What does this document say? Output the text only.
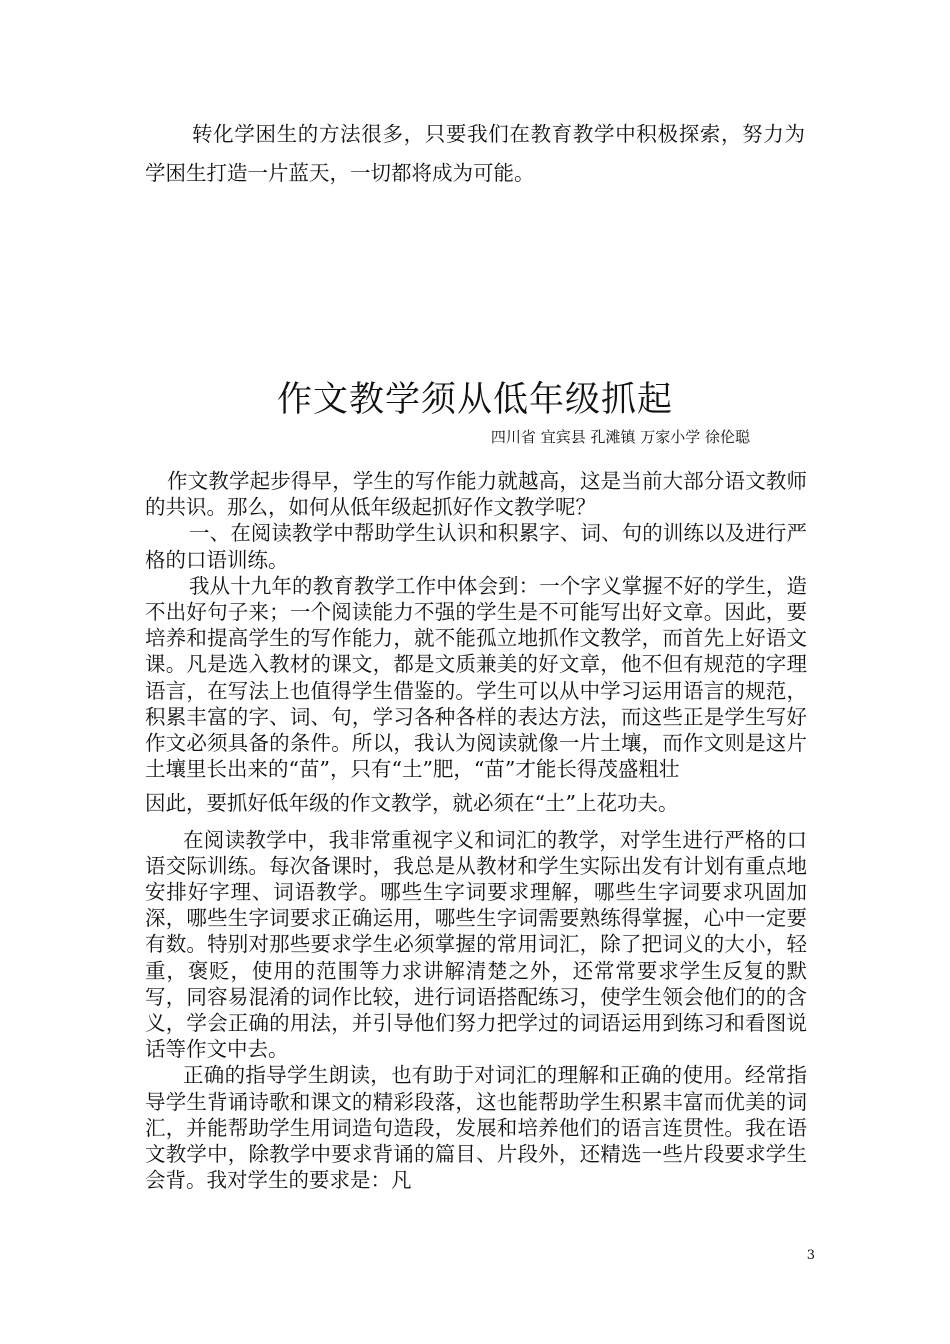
转化学困生的方法很多，只要我们在教育教学中积极探索，努力为学困生打造一片蓝天，一切都将成为可能。

作文教学须从低年级抓起

四川省 宜宾县 孔滩镇 万家小学 徐伦聪

作文教学起步得早，学生的写作能力就越高，这是当前大部分语文教师的共识。那么，如何从低年级起抓好作文教学呢？

一、在阅读教学中帮助学生认识和积累字、词、句的训练以及进行严格的口语训练。

我从十九年的教育教学工作中体会到：一个字义掌握不好的学生，造不出好句子来；一个阅读能力不强的学生是不可能写出好文章。因此，要培养和提高学生的写作能力，就不能孤立地抓作文教学，而首先上好语文课。凡是选入教材的课文，都是文质兼美的好文章，他不但有规范的字理语言，在写法上也值得学生借鉴的。学生可以从中学习运用语言的规范，积累丰富的字、词、句，学习各种各样的表达方法，而这些正是学生写好作文必须具备的条件。所以，我认为阅读就像一片土壤，而作文则是这片土壤里长出来的“苗”，只有“土”肥，“苗”才能长得茂盛粗壮

因此，要抓好低年级的作文教学，就必须在“土”上花功夫。

在阅读教学中，我非常重视字义和词汇的教学，对学生进行严格的口语交际训练。每次备课时，我总是从教材和学生实际出发有计划有重点地安排好字理、词语教学。哪些生字词要求理解，哪些生字词要求巩固加深，哪些生字词要求正确运用，哪些生字词需要熟练得掌握，心中一定要有数。特别对那些要求学生必须掌握的常用词汇，除了把词义的大小，轻重，褒贬，使用的范围等力求讲解清楚之外，还常常要求学生反复的默写，同容易混淆的词作比较，进行词语搭配练习，使学生领会他们的的含义，学会正确的用法，并引导他们努力把学过的词语运用到练习和看图说话等作文中去。

正确的指导学生朗读，也有助于对词汇的理解和正确的使用。经常指导学生背诵诗歌和课文的精彩段落，这也能帮助学生积累丰富而优美的词汇，并能帮助学生用词造句造段，发展和培养他们的语言连贯性。我在语文教学中，除教学中要求背诵的篇目、片段外，还精选一些片段要求学生会背。我对学生的要求是：凡

3
